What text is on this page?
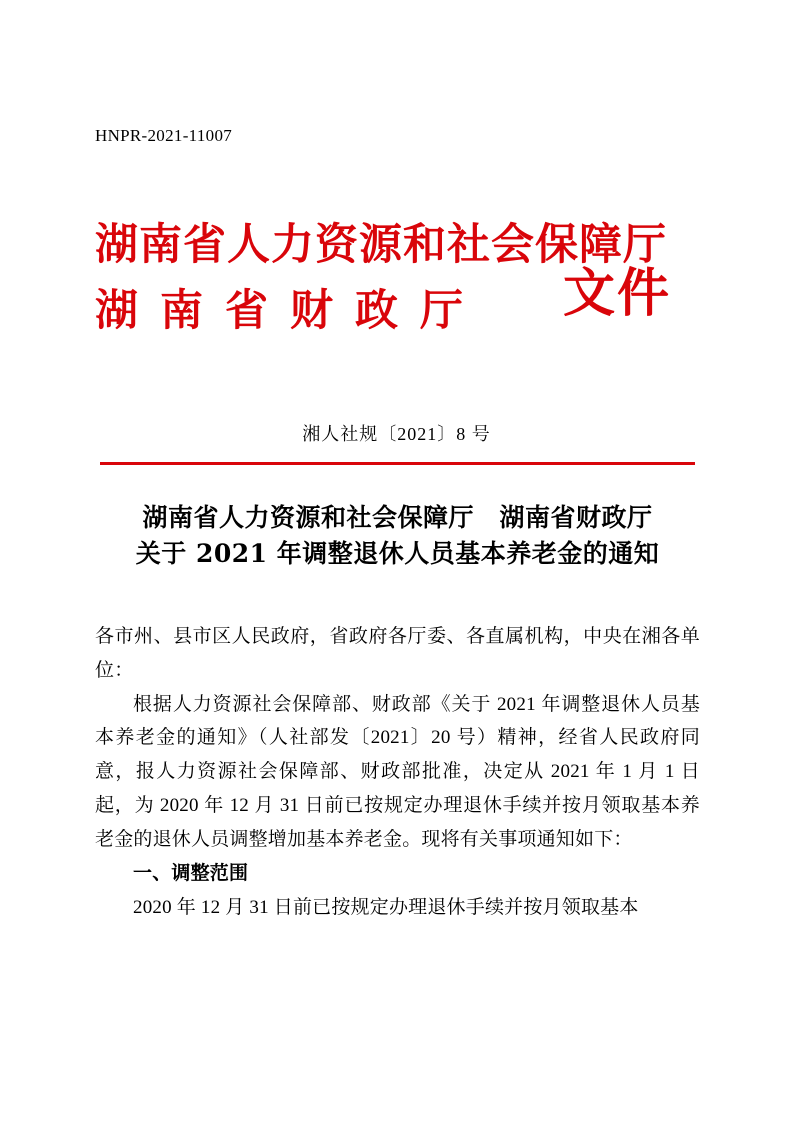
HNPR-2021-11007
湖南省人力资源和社会保障厅
湖南省财政厅 文件
湘人社规〔2021〕8 号
湖南省人力资源和社会保障厅　湖南省财政厅
关于 2021 年调整退休人员基本养老金的通知

各市州、县市区人民政府，省政府各厅委、各直属机构，中央在湘各单位：

根据人力资源社会保障部、财政部《关于 2021 年调整退休人员基本养老金的通知》（人社部发〔2021〕20 号）精神，经省人民政府同意，报人力资源社会保障部、财政部批准，决定从 2021 年 1 月 1 日起，为 2020 年 12 月 31 日前已按规定办理退休手续并按月领取基本养老金的退休人员调整增加基本养老金。现将有关事项通知如下：

一、调整范围

2020 年 12 月 31 日前已按规定办理退休手续并按月领取基本
